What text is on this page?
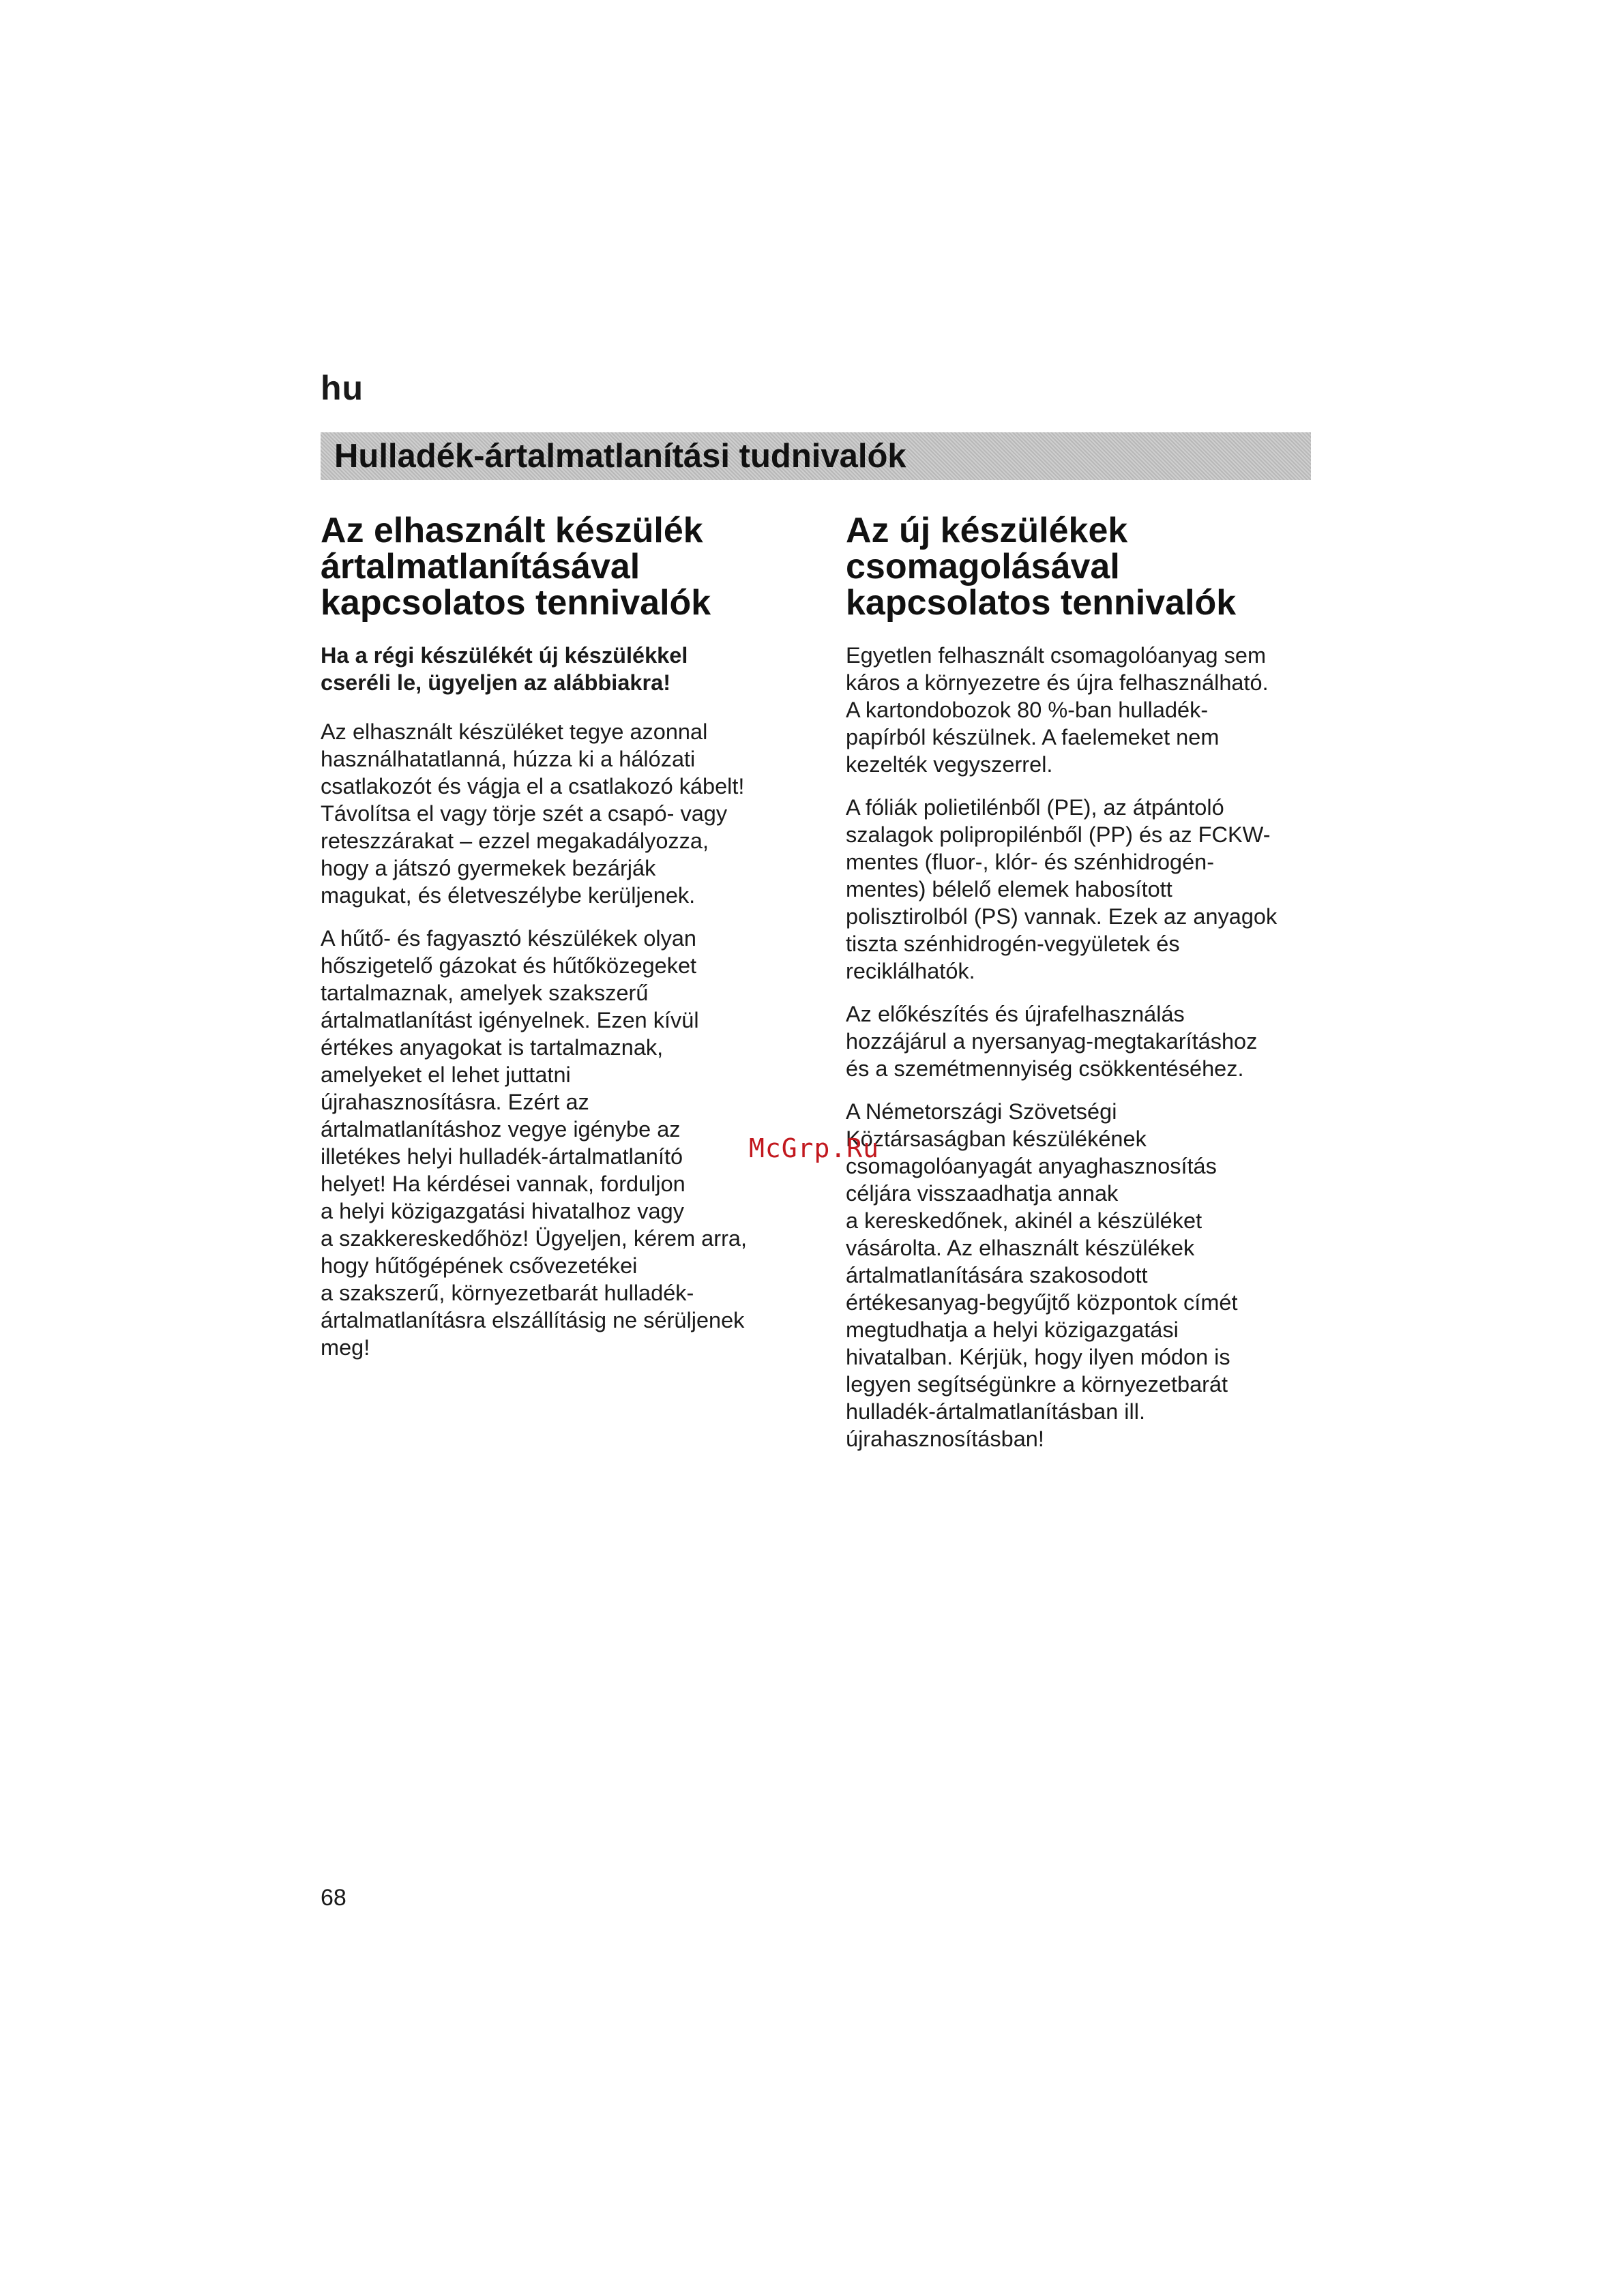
hu
Hulladék-ártalmatlanítási tudnivalók
Az elhasznált készülék
ártalmatlanításával
kapcsolatos tennivalók

Ha a régi készülékét új készülékkel
cseréli le, ügyeljen az alábbiakra!

Az elhasznált készüléket tegye azonnal
használhatatlanná, húzza ki a hálózati
csatlakozót és vágja el a csatlakozó kábelt!
Távolítsa el vagy törje szét a csapó- vagy
reteszzárakat – ezzel megakadályozza,
hogy a játszó gyermekek bezárják
magukat, és életveszélybe kerüljenek.

A hűtő- és fagyasztó készülékek olyan
hőszigetelő gázokat és hűtőközegeket
tartalmaznak, amelyek szakszerű
ártalmatlanítást igényelnek. Ezen kívül
értékes anyagokat is tartalmaznak,
amelyeket el lehet juttatni
újrahasznosításra. Ezért az
ártalmatlanításhoz vegye igénybe az
illetékes helyi hulladék-ártalmatlanító
helyet! Ha kérdései vannak, forduljon
a helyi közigazgatási hivatalhoz vagy
a szakkereskedőhöz! Ügyeljen, kérem arra,
hogy hűtőgépének csővezetékei
a szakszerű, környezetbarát hulladék-
ártalmatlanításra elszállításig ne sérüljenek
meg!

Az új készülékek
csomagolásával
kapcsolatos tennivalók

Egyetlen felhasznált csomagolóanyag sem
káros a környezetre és újra felhasználható.
A kartondobozok 80 %-ban hulladék-
papírból készülnek. A faelemeket nem
kezelték vegyszerrel.

A fóliák polietilénből (PE), az átpántoló
szalagok polipropilénből (PP) és az FCKW-
mentes (fluor-, klór- és szénhidrogén-
mentes) bélelő elemek habosított
polisztirolból (PS) vannak. Ezek az anyagok
tiszta szénhidrogén-vegyületek és
reciklálhatók.

Az előkészítés és újrafelhasználás
hozzájárul a nyersanyag-megtakarításhoz
és a szemétmennyiség csökkentéséhez.

A Németországi Szövetségi
Köztársaságban készülékének
csomagolóanyagát anyaghasznosítás
céljára visszaadhatja annak
a kereskedőnek, akinél a készüléket
vásárolta. Az elhasznált készülékek
ártalmatlanítására szakosodott
értékesanyag-begyűjtő központok címét
megtudhatja a helyi közigazgatási
hivatalban. Kérjük, hogy ilyen módon is
legyen segítségünkre a környezetbarát
hulladék-ártalmatlanításban ill.
újrahasznosításban!

McGrp.Ru
68
